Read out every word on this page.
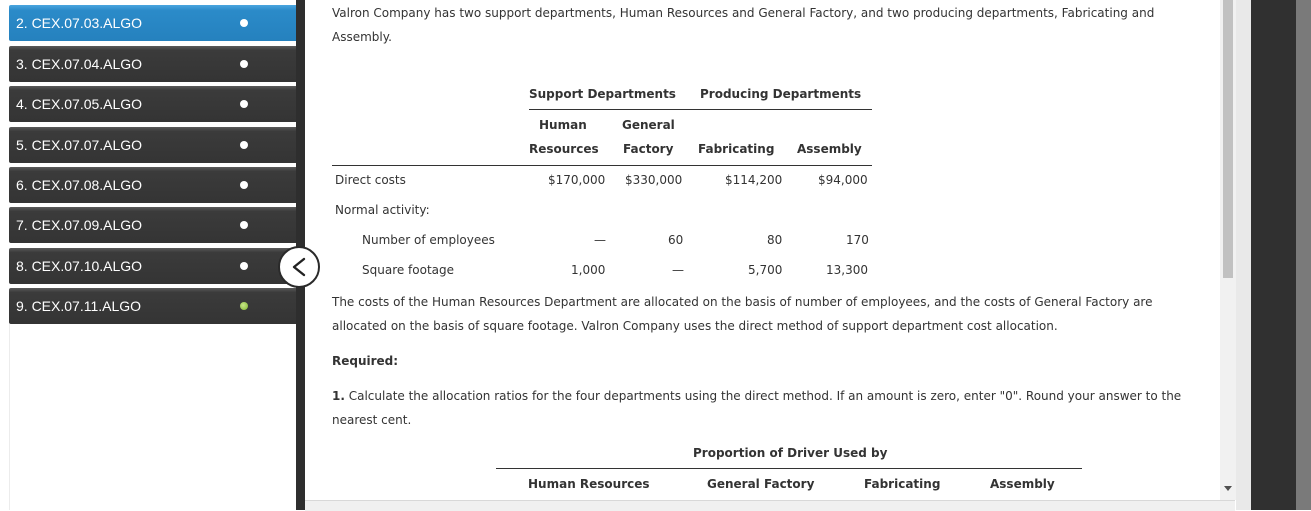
2. CEX.07.03.ALGO
3. CEX.07.04.ALGO
4. CEX.07.05.ALGO
5. CEX.07.07.ALGO
6. CEX.07.08.ALGO
7. CEX.07.09.ALGO
8. CEX.07.10.ALGO
9. CEX.07.11.ALGO

Valron Company has two support departments, Human Resources and General Factory, and two producing departments, Fabricating and Assembly.

Support Departments Producing Departments
Human	General
Resources Factory Fabricating Assembly
Direct costs	$170,000 $330,000	$114,200	$94,000
Normal activity:
Number of employees	—	60	80	170
Square footage	1,000	—	5,700	13,300

The costs of the Human Resources Department are allocated on the basis of number of employees, and the costs of General Factory are allocated on the basis of square footage. Valron Company uses the direct method of support department cost allocation.

Required:

1. Calculate the allocation ratios for the four departments using the direct method. If an amount is zero, enter "0". Round your answer to the nearest cent.

Proportion of Driver Used by
Human Resources	General Factory	Fabricating	Assembly
